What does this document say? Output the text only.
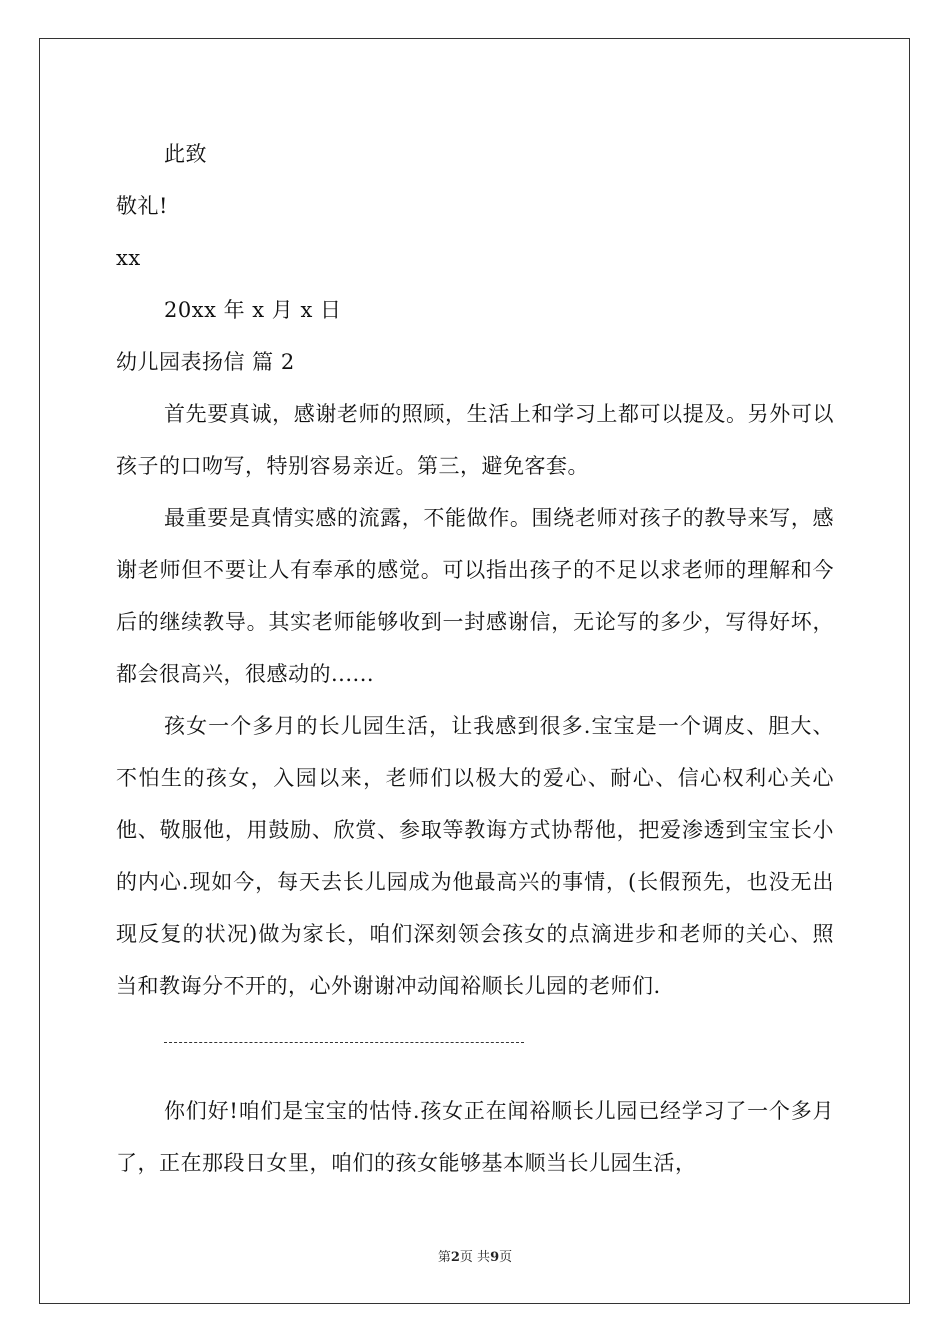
此致
敬礼!
xx
20xx 年 x 月 x 日
幼儿园表扬信 篇 2
首先要真诚，感谢老师的照顾，生活上和学习上都可以提及。另外可以孩子的口吻写，特别容易亲近。第三，避免客套。
最重要是真情实感的流露，不能做作。围绕老师对孩子的教导来写，感谢老师但不要让人有奉承的感觉。可以指出孩子的不足以求老师的理解和今后的继续教导。其实老师能够收到一封感谢信，无论写的多少，写得好坏，都会很高兴，很感动的......
孩女一个多月的长儿园生活，让我感到很多.宝宝是一个调皮、胆大、不怕生的孩女，入园以来，老师们以极大的爱心、耐心、信心权利心关心他、敬服他，用鼓励、欣赏、参取等教诲方式协帮他，把爱渗透到宝宝长小的内心.现如今，每天去长儿园成为他最高兴的事情，(长假预先，也没无出现反复的状况)做为家长，咱们深刻领会孩女的点滴进步和老师的关心、照当和教诲分不开的，心外谢谢冲动闻裕顺长儿园的老师们.
你们好!咱们是宝宝的怙恃.孩女正在闻裕顺长儿园已经学习了一个多月了，正在那段日女里，咱们的孩女能够基本顺当长儿园生活，
第2页 共9页
